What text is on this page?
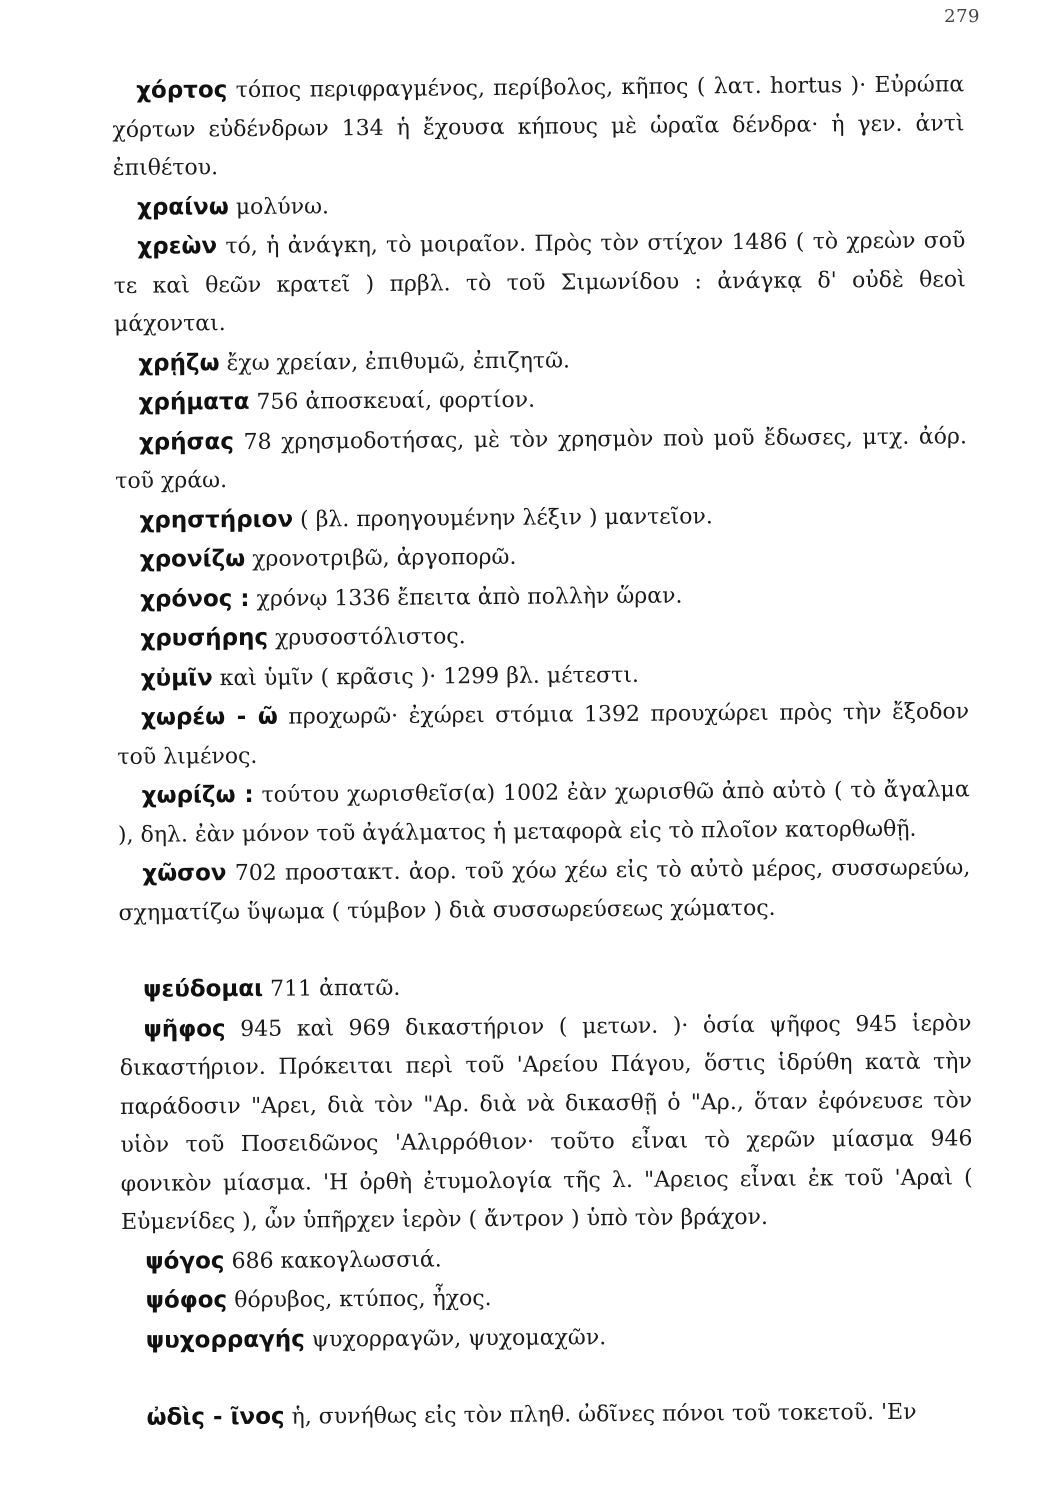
279

χόρτος τόπος περιφραγμένος, περίβολος, κῆπος ( λατ. hortus )· Εὐρώπα χόρτων εὐδένδρων 134 ἡ ἔχουσα κήπους μὲ ὡραῖα δένδρα· ἡ γεν. ἀντὶ ἐπιθέτου.

χραίνω μολύνω.

χρεὼν τό, ἡ ἀνάγκη, τὸ μοιραῖον. Πρὸς τὸν στίχον 1486 ( τὸ χρεὼν σοῦ τε καὶ θεῶν κρατεῖ ) πρβλ. τὸ τοῦ Σιμωνίδου : ἀνάγκᾳ δ' οὐδὲ θεοὶ μάχονται.

χρῄζω ἔχω χρείαν, ἐπιθυμῶ, ἐπιζητῶ.

χρήματα 756 ἀποσκευαί, φορτίον.

χρήσας 78 χρησμοδοτήσας, μὲ τὸν χρησμὸν ποὺ μοῦ ἔδωσες, μτχ. ἀόρ. τοῦ χράω.

χρηστήριον ( βλ. προηγουμένην λέξιν ) μαντεῖον.

χρονίζω χρονοτριβῶ, ἀργοπορῶ.

χρόνος : χρόνῳ 1336 ἔπειτα ἀπὸ πολλὴν ὥραν.

χρυσήρης χρυσοστόλιστος.

χὐμῖν καὶ ὑμῖν ( κρᾶσις )· 1299 βλ. μέτεστι.

χωρέω - ῶ προχωρῶ· ἐχώρει στόμια 1392 προυχώρει πρὸς τὴν ἔξοδον τοῦ λιμένος.

χωρίζω : τούτου χωρισθεῖσ(α) 1002 ἐὰν χωρισθῶ ἀπὸ αὐτὸ ( τὸ ἄγαλμα ), δηλ. ἐὰν μόνον τοῦ ἀγάλματος ἡ μεταφορὰ εἰς τὸ πλοῖον κατορθωθῇ.

χῶσον 702 προστακτ. ἀορ. τοῦ χόω χέω εἰς τὸ αὐτὸ μέρος, συσσωρεύω, σχηματίζω ὕψωμα ( τύμβον ) διὰ συσσωρεύσεως χώματος.

ψεύδομαι 711 ἀπατῶ.

ψῆφος 945 καὶ 969 δικαστήριον ( μετων. )· ὁσία ψῆφος 945 ἱερὸν δικαστήριον. Πρόκειται περὶ τοῦ 'Αρείου Πάγου, ὅστις ἱδρύθη κατὰ τὴν παράδοσιν "Αρει, διὰ τὸν "Αρ. διὰ νὰ δικασθῇ ὁ "Αρ., ὅταν ἐφόνευσε τὸν υἱὸν τοῦ Ποσειδῶνος 'Αλιρρόθιον· τοῦτο εἶναι τὸ χερῶν μίασμα 946 φονικὸν μίασμα. 'Η ὀρθὴ ἐτυμολογία τῆς λ. "Αρειος εἶναι ἐκ τοῦ 'Αραὶ ( Εὐμενίδες ), ὧν ὑπῆρχεν ἱερὸν ( ἄντρον ) ὑπὸ τὸν βράχον.

ψόγος 686 κακογλωσσιά.

ψόφος θόρυβος, κτύπος, ἦχος.

ψυχορραγής ψυχορραγῶν, ψυχομαχῶν.

ὠδὶς - ῖνος ἡ, συνήθως εἰς τὸν πληθ. ὠδῖνες πόνοι τοῦ τοκετοῦ. 'Εν
